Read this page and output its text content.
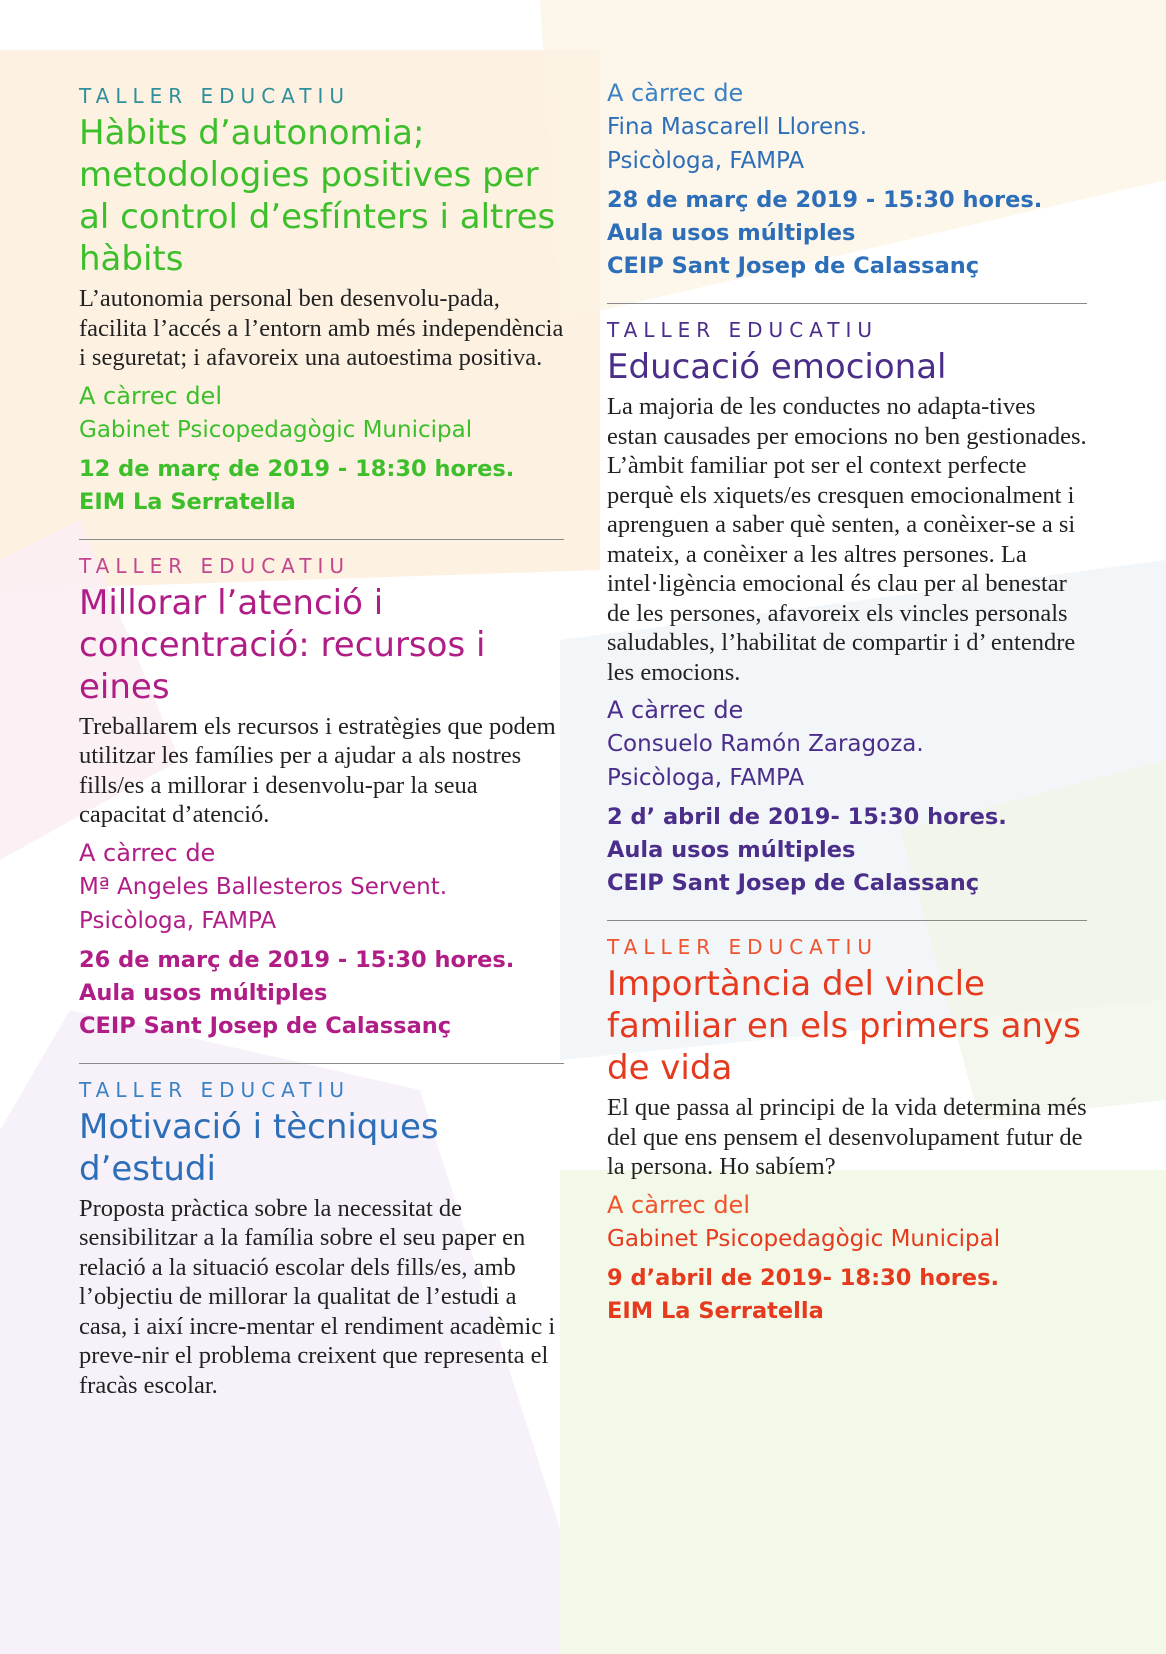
TALLER EDUCATIU

Hàbits d’autonomia; metodologies positives per al control d’esfínters i altres hàbits

L’autonomia personal ben desenvolu-pada, facilita l’accés a l’entorn amb més independència i seguretat; i afavoreix una autoestima positiva.

A càrrec del

Gabinet Psicopedagògic Municipal

12 de març de 2019 - 18:30 hores.

EIM La Serratella

TALLER EDUCATIU

Millorar l’atenció i concentració: recursos i eines

Treballarem els recursos i estratègies que podem utilitzar les famílies per a ajudar a als nostres fills/es a millorar i desenvolu-par la seua capacitat d’atenció.

A càrrec de

Mª Angeles Ballesteros Servent.

Psicòloga, FAMPA

26 de març de 2019 - 15:30 hores.

Aula usos múltiples

CEIP Sant Josep de Calassanç

TALLER EDUCATIU

Motivació i tècniques d’estudi

Proposta pràctica sobre la necessitat de sensibilitzar a la família sobre el seu paper en relació a la situació escolar dels fills/es, amb l’objectiu de millorar la qualitat de l’estudi a casa, i així incre-mentar el rendiment acadèmic i preve-nir el problema creixent que representa el fracàs escolar.

A càrrec de

Fina Mascarell Llorens.

Psicòloga, FAMPA

28 de març de 2019 - 15:30 hores.

Aula usos múltiples

CEIP Sant Josep de Calassanç

TALLER EDUCATIU

Educació emocional

La majoria de les conductes no adapta-tives estan causades per emocions no ben gestionades. L’àmbit familiar pot ser el context perfecte perquè els xiquets/es cresquen emocionalment i aprenguen a saber què senten, a conèixer-se a si mateix, a conèixer a les altres persones. La intel·ligència emocional és clau per al benestar de les persones, afavoreix els vincles personals saludables, l’habilitat de compartir i d’ entendre les emocions.

A càrrec de

Consuelo Ramón Zaragoza.

Psicòloga, FAMPA

2 d’ abril de 2019- 15:30 hores.

Aula usos múltiples

CEIP Sant Josep de Calassanç

TALLER EDUCATIU

Importància del vincle familiar en els primers anys de vida

El que passa al principi de la vida determina més del que ens pensem el desenvolupament futur de la persona. Ho sabíem?

A càrrec del

Gabinet Psicopedagògic Municipal

9 d’abril de 2019- 18:30 hores.

EIM La Serratella
